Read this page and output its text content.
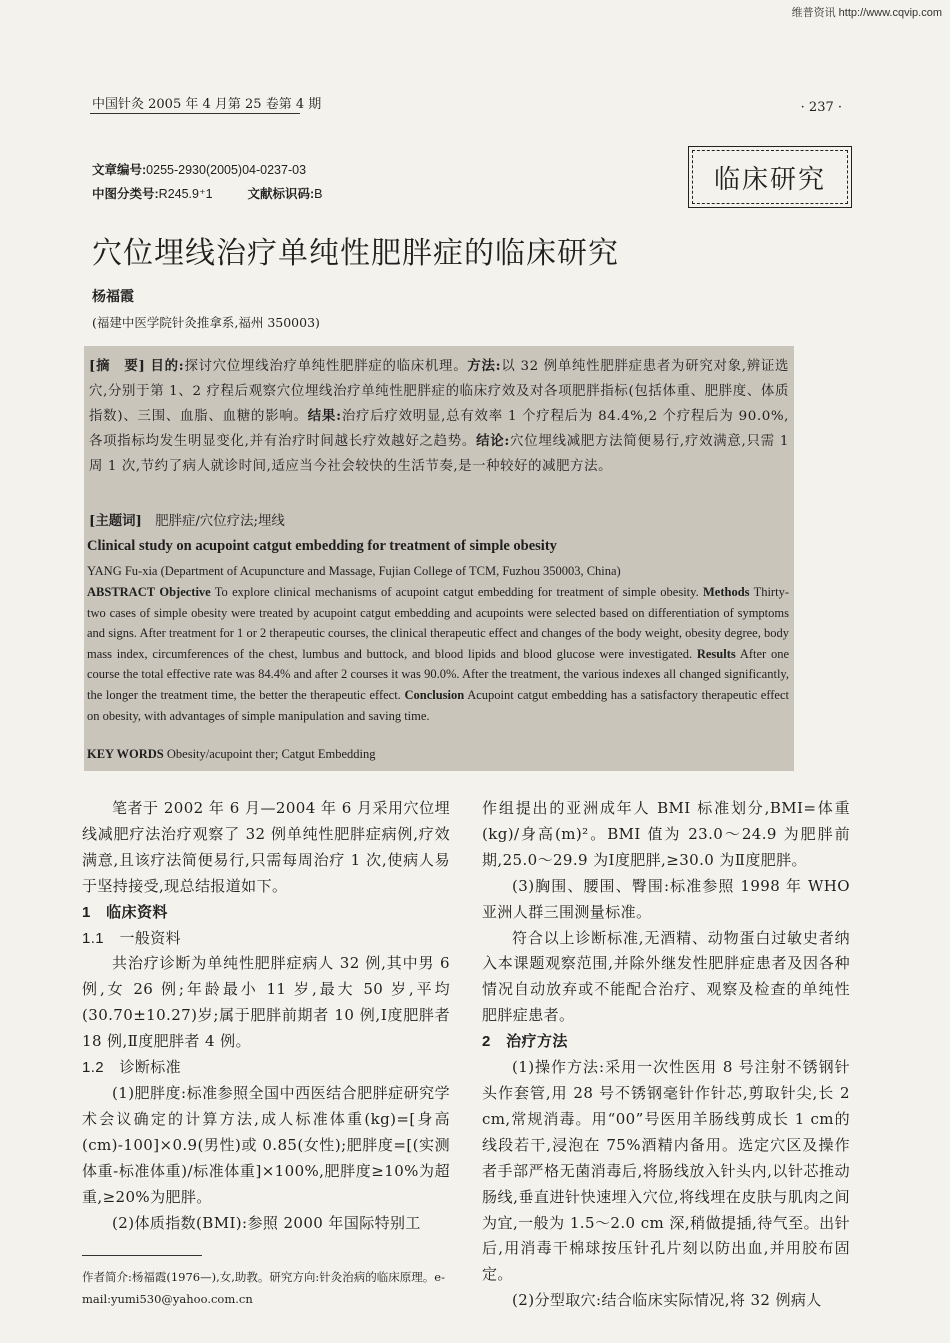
维普资讯 http://www.cqvip.com
中国针灸 2005 年 4 月第 25 卷第 4 期	· 237 ·
文章编号:0255-2930(2005)04-0237-03
中图分类号:R245.9⁺1	文献标识码:B	临床研究
穴位埋线治疗单纯性肥胖症的临床研究
杨福霞
(福建中医学院针灸推拿系,福州 350003)
[摘　要] 目的:探讨穴位埋线治疗单纯性肥胖症的临床机理。方法:以 32 例单纯性肥胖症患者为研究对象,辨证选穴,分别于第 1、2 疗程后观察穴位埋线治疗单纯性肥胖症的临床疗效及对各项肥胖指标(包括体重、肥胖度、体质指数)、三围、血脂、血糖的影响。结果:治疗后疗效明显,总有效率 1 个疗程后为 84.4%,2 个疗程后为 90.0%,各项指标均发生明显变化,并有治疗时间越长疗效越好之趋势。结论:穴位埋线减肥方法简便易行,疗效满意,只需 1 周 1 次,节约了病人就诊时间,适应当今社会较快的生活节奏,是一种较好的减肥方法。
[主题词]　 肥胖症/穴位疗法;埋线
Clinical study on acupoint catgut embedding for treatment of simple obesity
YANG Fu-xia (Department of Acupuncture and Massage, Fujian College of TCM, Fuzhou 350003, China)
ABSTRACT Objective To explore clinical mechanisms of acupoint catgut embedding for treatment of simple obesity. Methods Thirty-two cases of simple obesity were treated by acupoint catgut embedding and acupoints were selected based on differentiation of symptoms and signs. After treatment for 1 or 2 therapeutic courses, the clinical therapeutic effect and changes of the body weight, obesity degree, body mass index, circumferences of the chest, lumbus and buttock, and blood lipids and blood glucose were investigated. Results After one course the total effective rate was 84.4% and after 2 courses it was 90.0%. After the treatment, the various indexes all changed significantly, the longer the treatment time, the better the therapeutic effect. Conclusion Acupoint catgut embedding has a satisfactory therapeutic effect on obesity, with advantages of simple manipulation and saving time.
KEY WORDS Obesity/acupoint ther; Catgut Embedding

笔者于 2002 年 6 月—2004 年 6 月采用穴位埋线减肥疗法治疗观察了 32 例单纯性肥胖症病例,疗效满意,且该疗法简便易行,只需每周治疗 1 次,使病人易于坚持接受,现总结报道如下。

1　临床资料

1.1　一般资料

共治疗诊断为单纯性肥胖症病人 32 例,其中男 6 例,女 26 例;年龄最小 11 岁,最大 50 岁,平均(30.70±10.27)岁;属于肥胖前期者 10 例,Ⅰ度肥胖者 18 例,Ⅱ度肥胖者 4 例。

1.2　诊断标准

(1)肥胖度:标准参照全国中西医结合肥胖症研究学术会议确定的计算方法,成人标准体重(kg)=[身高(cm)-100]×0.9(男性)或 0.85(女性);肥胖度=[(实测体重-标准体重)/标准体重]×100%,肥胖度≥10%为超重,≥20%为肥胖。

(2)体质指数(BMI):参照 2000 年国际特别工

作组提出的亚洲成年人 BMI 标准划分,BMI=体重(kg)/身高(m)²。BMI 值为 23.0～24.9 为肥胖前期,25.0～29.9 为Ⅰ度肥胖,≥30.0 为Ⅱ度肥胖。

(3)胸围、腰围、臀围:标准参照 1998 年 WHO 亚洲人群三围测量标准。

符合以上诊断标准,无酒精、动物蛋白过敏史者纳入本课题观察范围,并除外继发性肥胖症患者及因各种情况自动放弃或不能配合治疗、观察及检查的单纯性肥胖症患者。

2　治疗方法

(1)操作方法:采用一次性医用 8 号注射不锈钢针头作套管,用 28 号不锈钢毫针作针芯,剪取针尖,长 2 cm,常规消毒。用“00”号医用羊肠线剪成长 1 cm的线段若干,浸泡在 75%酒精内备用。选定穴区及操作者手部严格无菌消毒后,将肠线放入针头内,以针芯推动肠线,垂直进针快速埋入穴位,将线埋在皮肤与肌肉之间为宜,一般为 1.5～2.0 cm 深,稍做提插,待气至。出针后,用消毒干棉球按压针孔片刻以防出血,并用胶布固定。

(2)分型取穴:结合临床实际情况,将 32 例病人

作者简介:杨福霞(1976—),女,助教。研究方向:针灸治病的临床原理。e-mail:yumi530@yahoo.com.cn
